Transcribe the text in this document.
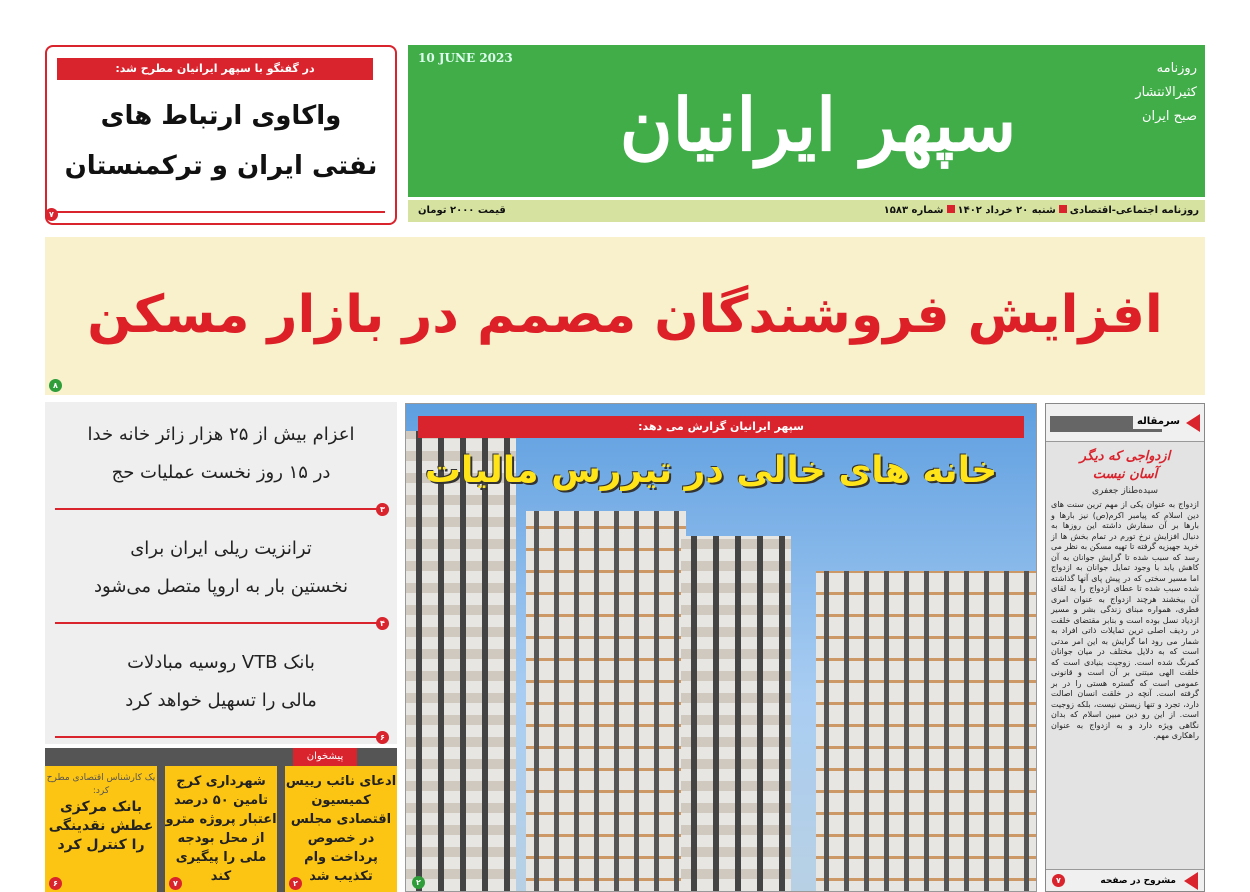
در گفتگو با سپهر ایرانیان مطرح شد:
واکاوی ارتباط های
نفتی ایران و ترکمنستان
۷
10 JUNE 2023
سپهر ایرانیان
روزنامه
کثیرالانتشار
صبح ایران
روزنامه اجتماعی-اقتصادیشنبه ۲۰ خرداد ۱۴۰۲شماره ۱۵۸۳
قیمت ۲۰۰۰ تومان
افزایش فروشندگان مصمم در بازار مسکن
۸
اعزام بیش از ۲۵ هزار زائر خانه خدا
در ۱۵ روز نخست عملیات حج
۳
ترانزیت ریلی ایران برای
نخستین بار به اروپا متصل می‌شود
۴
بانک VTB روسیه مبادلات
مالی را تسهیل خواهد کرد
۶
پیشخوان
ادعای نائب رییس کمیسیون اقتصادی مجلس در خصوص پرداخت وام تکذیب شد
۲
شهرداری کرج تامین ۵۰ درصد اعتبار پروژه مترو از محل بودجه ملی را پیگیری کند
۷
یک کارشناس اقتصادی مطرح کرد:
بانک مرکزی عطش نقدینگی را کنترل کرد
۶
سپهر ایرانیان گزارش می دهد:
خانه های خالی در تیررس مالیات
۲
سرمقاله
ازدواجی که دیگر
آسان نیست
سیده‌طناز جعفری
ازدواج به عنوان یکی از مهم ترین سنت های دین اسلام که پیامبر اکرم(ص) نیز بارها و بارها بر آن سفارش داشته این روزها به دنبال افزایش نرخ تورم در تمام بخش ها از خرید جهیزیه گرفته تا تهیه مسکن به نظر می رسد که سبب شده تا گرایش جوانان به آن کاهش یابد با وجود تمایل جوانان به ازدواج اما مسیر سختی که در پیش پای آنها گذاشته شده سبب شده تا عطای ازدواج را به لقای آن ببخشند هرچند ازدواج به عنوان امری فطری، همواره مبنای زندگی بشر و مسیر ازدیاد نسل بوده است و بنابر مقتضای خلقت در ردیف اصلی ترین تمایلات ذاتی افراد به شمار می رود اما گرایش به این امر مدتی است که به دلایل مختلف در میان جوانان کمرنگ شده است. زوجیت بنیادی است که خلقت الهی مبتنی بر آن است و قانونی عمومی است که گستره هستی را در بر گرفته است. آنچه در خلقت انسان اصالت دارد، تجرد و تنها زیستن نیست، بلکه زوجیت است. از این رو دین مبین اسلام که بدان نگاهی ویژه دارد و به ازدواج به عنوان راهکاری مهم.
مشروح در صفحه
۷
